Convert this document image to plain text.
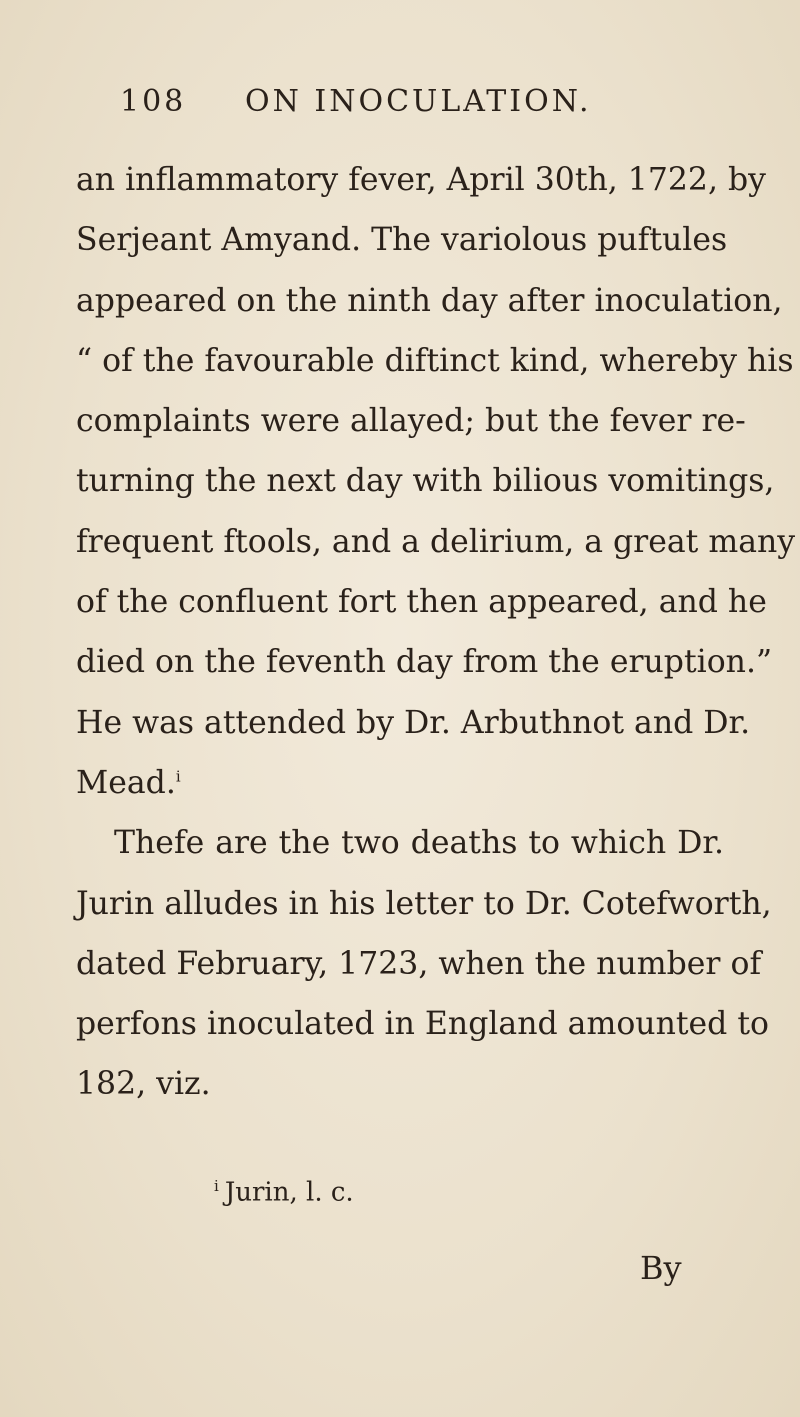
108 ON INOCULATION.
an inflammatory fever, April 30th, 1722, by
Serjeant Amyand. The variolous puftules
appeared on the ninth day after inoculation,
“ of the favourable diftinct kind, whereby his
complaints were allayed; but the fever re-
turning the next day with bilious vomitings,
frequent ftools, and a delirium, a great many
of the confluent fort then appeared, and he
died on the feventh day from the eruption.”
He was attended by Dr. Arbuthnot and Dr.
Mead.$^i$
Thefe are the two deaths to which Dr.
Jurin alludes in his letter to Dr. Cotefworth,
dated February, 1723, when the number of
perfons inoculated in England amounted to
182, viz.
$^i$ Jurin, l. c.
By
